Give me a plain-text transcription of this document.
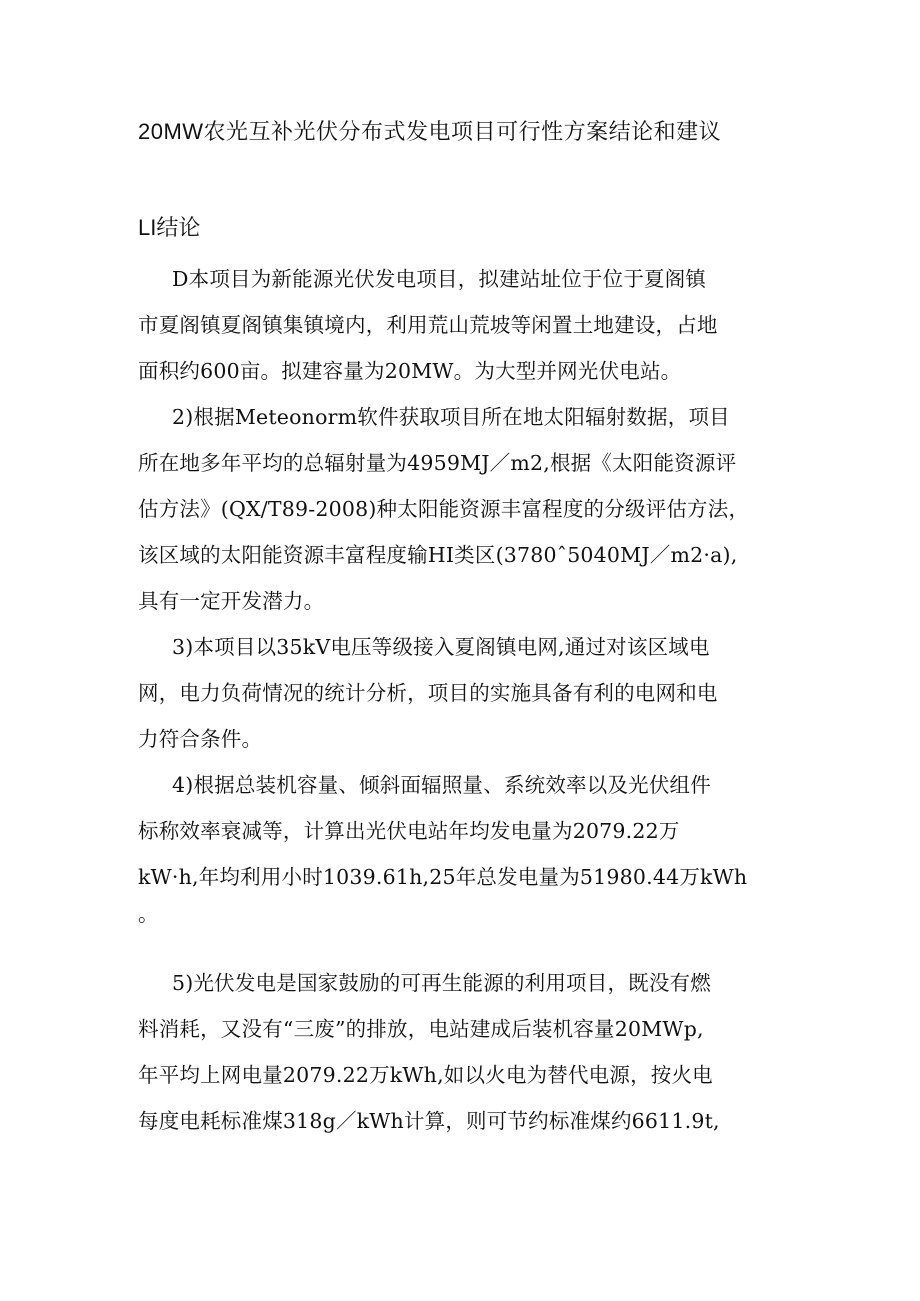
20MW农光互补光伏分布式发电项目可行性方案结论和建议
LI结论
D本项目为新能源光伏发电项目，拟建站址位于位于夏阁镇
市夏阁镇夏阁镇集镇境内，利用荒山荒坡等闲置土地建设，占地
面积约600亩。拟建容量为20MW。为大型并网光伏电站。
2)根据Meteonorm软件获取项目所在地太阳辐射数据，项目
所在地多年平均的总辐射量为4959MJ／m2,根据《太阳能资源评
估方法》(QX/T89-2008)种太阳能资源丰富程度的分级评估方法，
该区域的太阳能资源丰富程度输HI类区(3780ˆ5040MJ／m2·a),
具有一定开发潜力。
3)本项目以35kV电压等级接入夏阁镇电网,通过对该区域电
网，电力负荷情况的统计分析，项目的实施具备有利的电网和电
力符合条件。
4)根据总装机容量、倾斜面辐照量、系统效率以及光伏组件
标称效率衰减等，计算出光伏电站年均发电量为2079.22万
kW·h,年均利用小时1039.61h,25年总发电量为51980.44万kWh
。
5)光伏发电是国家鼓励的可再生能源的利用项目，既没有燃
料消耗，又没有“三废”的排放，电站建成后装机容量20MWp,
年平均上网电量2079.22万kWh,如以火电为替代电源，按火电
每度电耗标准煤318g／kWh计算，则可节约标准煤约6611.9t,
